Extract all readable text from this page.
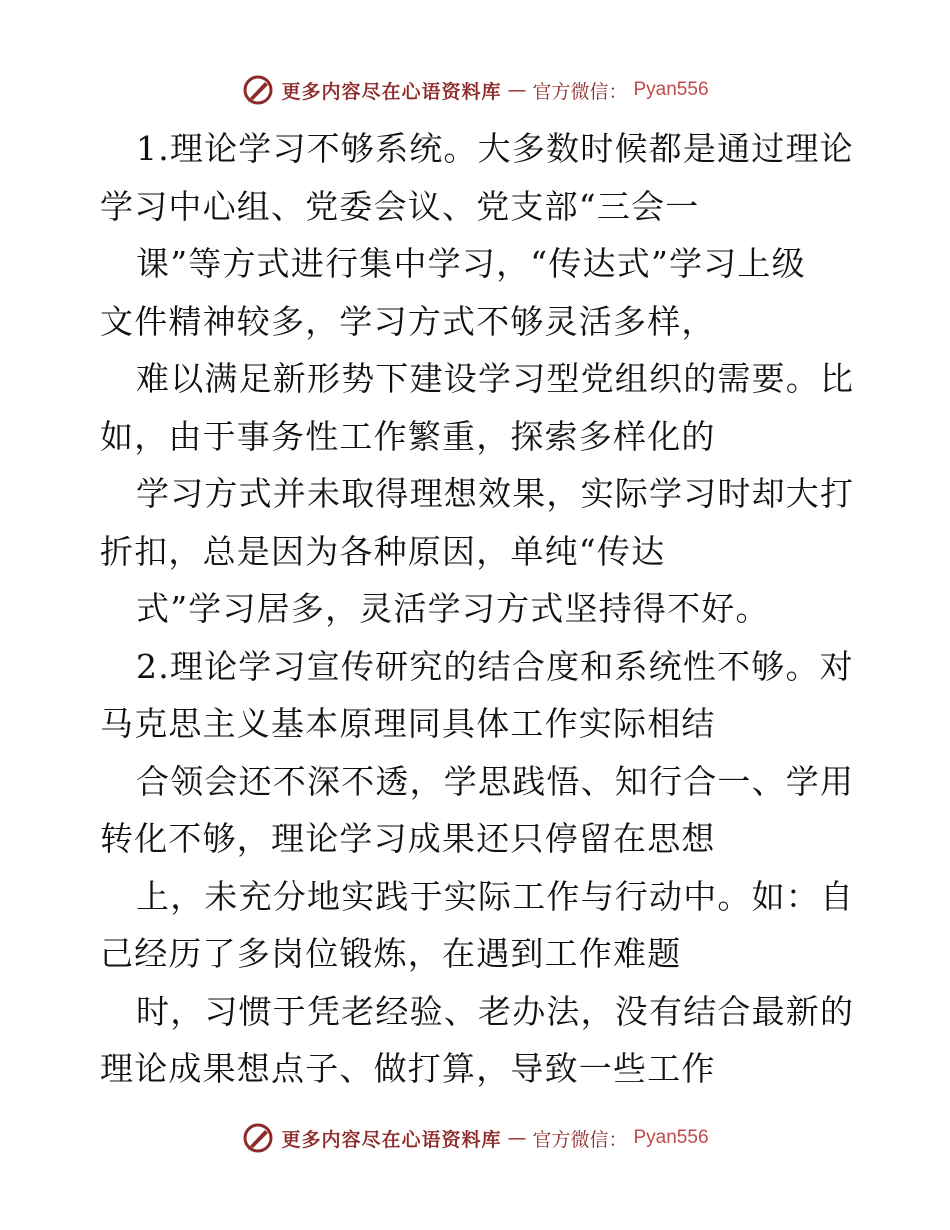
更多内容尽在心语资料库 — 官方微信： Pyan556
1.理论学习不够系统。大多数时候都是通过理论
学习中心组、党委会议、党支部“三会一
课”等方式进行集中学习，“传达式”学习上级
文件精神较多，学习方式不够灵活多样，
难以满足新形势下建设学习型党组织的需要。比
如，由于事务性工作繁重，探索多样化的
学习方式并未取得理想效果，实际学习时却大打
折扣，总是因为各种原因，单纯“传达
式”学习居多，灵活学习方式坚持得不好。
2.理论学习宣传研究的结合度和系统性不够。对
马克思主义基本原理同具体工作实际相结
合领会还不深不透，学思践悟、知行合一、学用
转化不够，理论学习成果还只停留在思想
上，未充分地实践于实际工作与行动中。如：自
己经历了多岗位锻炼，在遇到工作难题
时，习惯于凭老经验、老办法，没有结合最新的
理论成果想点子、做打算，导致一些工作
更多内容尽在心语资料库 — 官方微信： Pyan556
